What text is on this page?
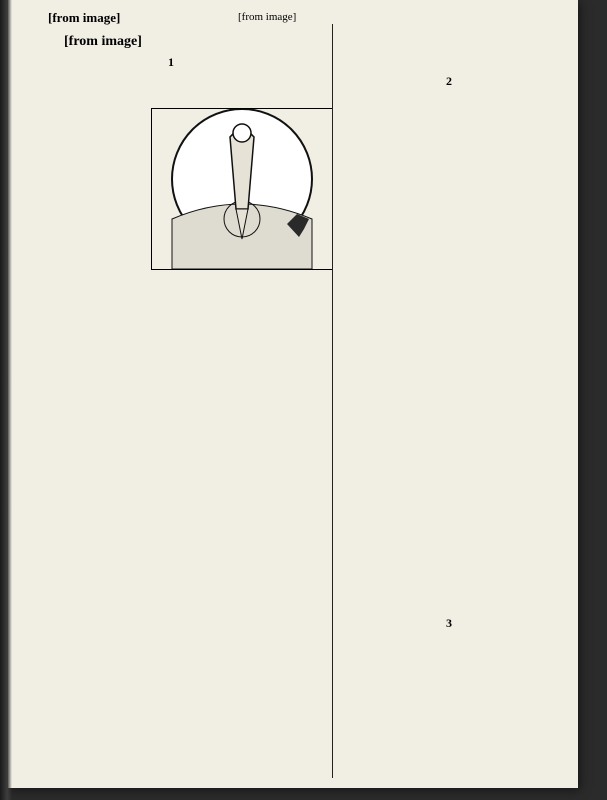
[from image]	[from image]
[from image]
1
2
3
